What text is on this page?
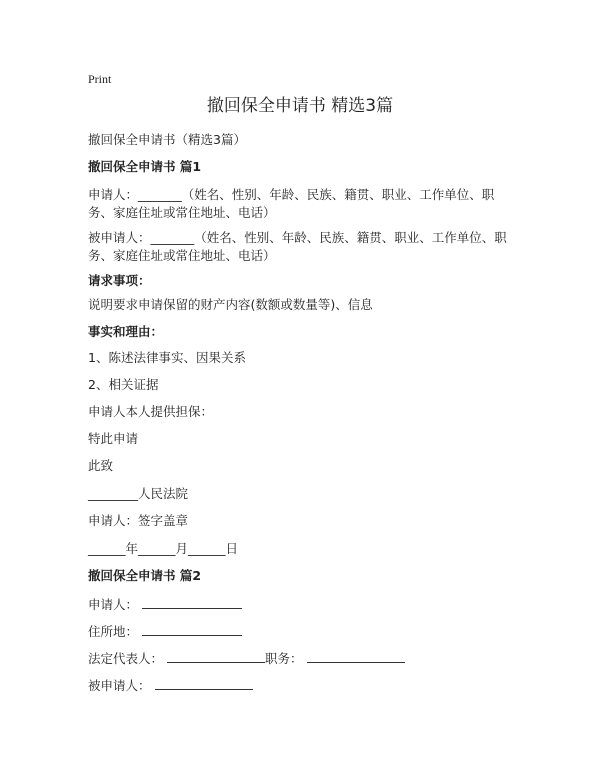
Print
撤回保全申请书 精选3篇
撤回保全申请书（精选3篇）
撤回保全申请书 篇1
申请人：_______（姓名、性别、年龄、民族、籍贯、职业、工作单位、职务、家庭住址或常住地址、电话）
被申请人：_______（姓名、性别、年龄、民族、籍贯、职业、工作单位、职务、家庭住址或常住地址、电话）
请求事项：
说明要求申请保留的财产内容(数额或数量等)、信息
事实和理由：
1、陈述法律事实、因果关系
2、相关证据
申请人本人提供担保：
特此申请
此致
________人民法院
申请人：签字盖章
______年______月______日
撤回保全申请书 篇2
申请人：
住所地：
法定代表人：	职务：
被申请人：
